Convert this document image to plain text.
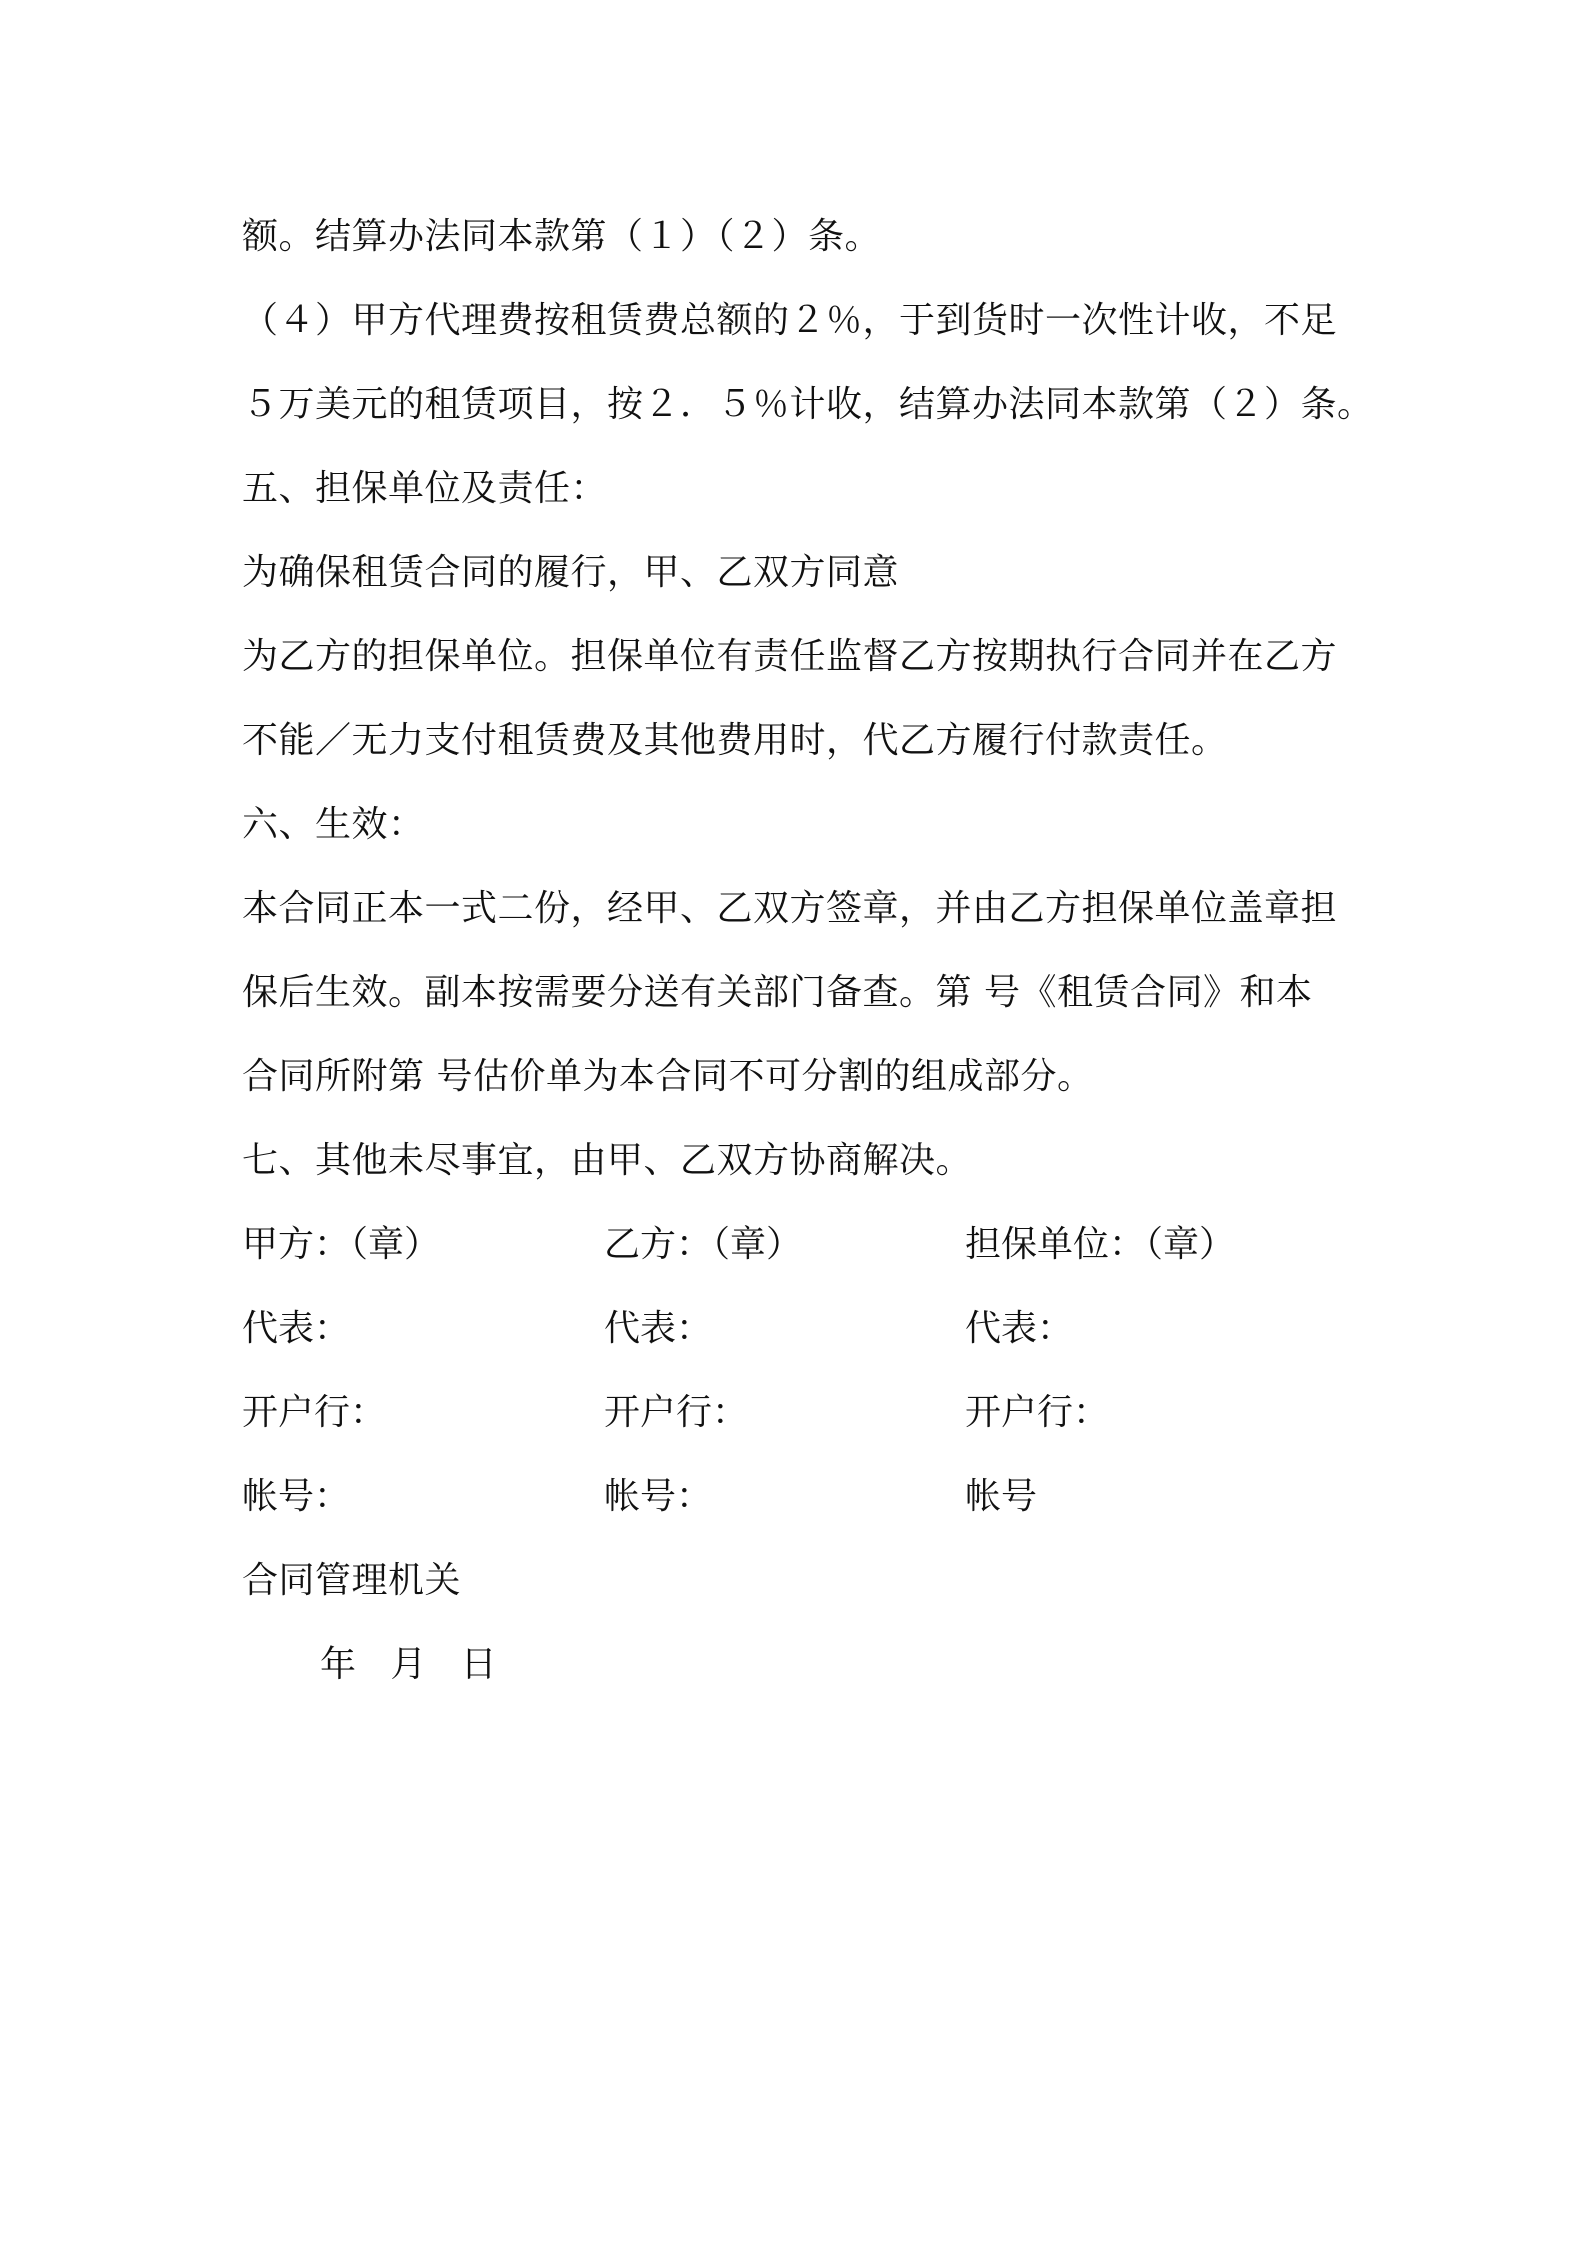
额。结算办法同本款第（１）（２）条。
（４）甲方代理费按租赁费总额的２％，于到货时一次性计收，不足
５万美元的租赁项目，按２．５％计收，结算办法同本款第（２）条。
五、担保单位及责任：
为确保租赁合同的履行，甲、乙双方同意
为乙方的担保单位。担保单位有责任监督乙方按期执行合同并在乙方
不能／无力支付租赁费及其他费用时，代乙方履行付款责任。
六、生效：
本合同正本一式二份，经甲、乙双方签章，并由乙方担保单位盖章担
保后生效。副本按需要分送有关部门备查。第 号《租赁合同》和本
合同所附第 号估价单为本合同不可分割的组成部分。
七、其他未尽事宜，由甲、乙双方协商解决。
甲方：（章）	乙方：（章）	担保单位：（章）
代表：	代表：	代表：
开户行：	开户行：	开户行：
帐号：	帐号：	帐号
合同管理机关
年   月   日
